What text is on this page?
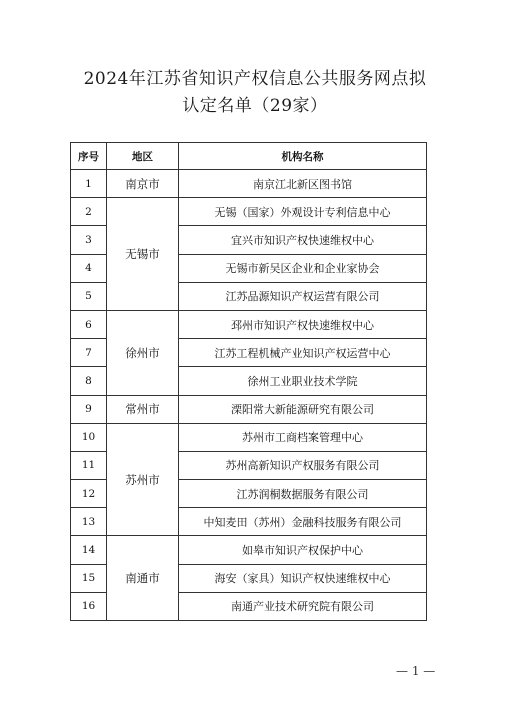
2024年江苏省知识产权信息公共服务网点拟
认定名单（29家）
序号	地区	机构名称
1	南京市	南京江北新区图书馆
2	无锡市	无锡（国家）外观设计专利信息中心
3		宜兴市知识产权快速维权中心
4		无锡市新吴区企业和企业家协会
5		江苏品源知识产权运营有限公司
6	徐州市	邳州市知识产权快速维权中心
7		江苏工程机械产业知识产权运营中心
8		徐州工业职业技术学院
9	常州市	溧阳常大新能源研究有限公司
10	苏州市	苏州市工商档案管理中心
11		苏州高新知识产权服务有限公司
12		江苏润桐数据服务有限公司
13		中知麦田（苏州）金融科技服务有限公司
14	南通市	如皋市知识产权保护中心
15		海安（家具）知识产权快速维权中心
16		南通产业技术研究院有限公司
— 1 —
